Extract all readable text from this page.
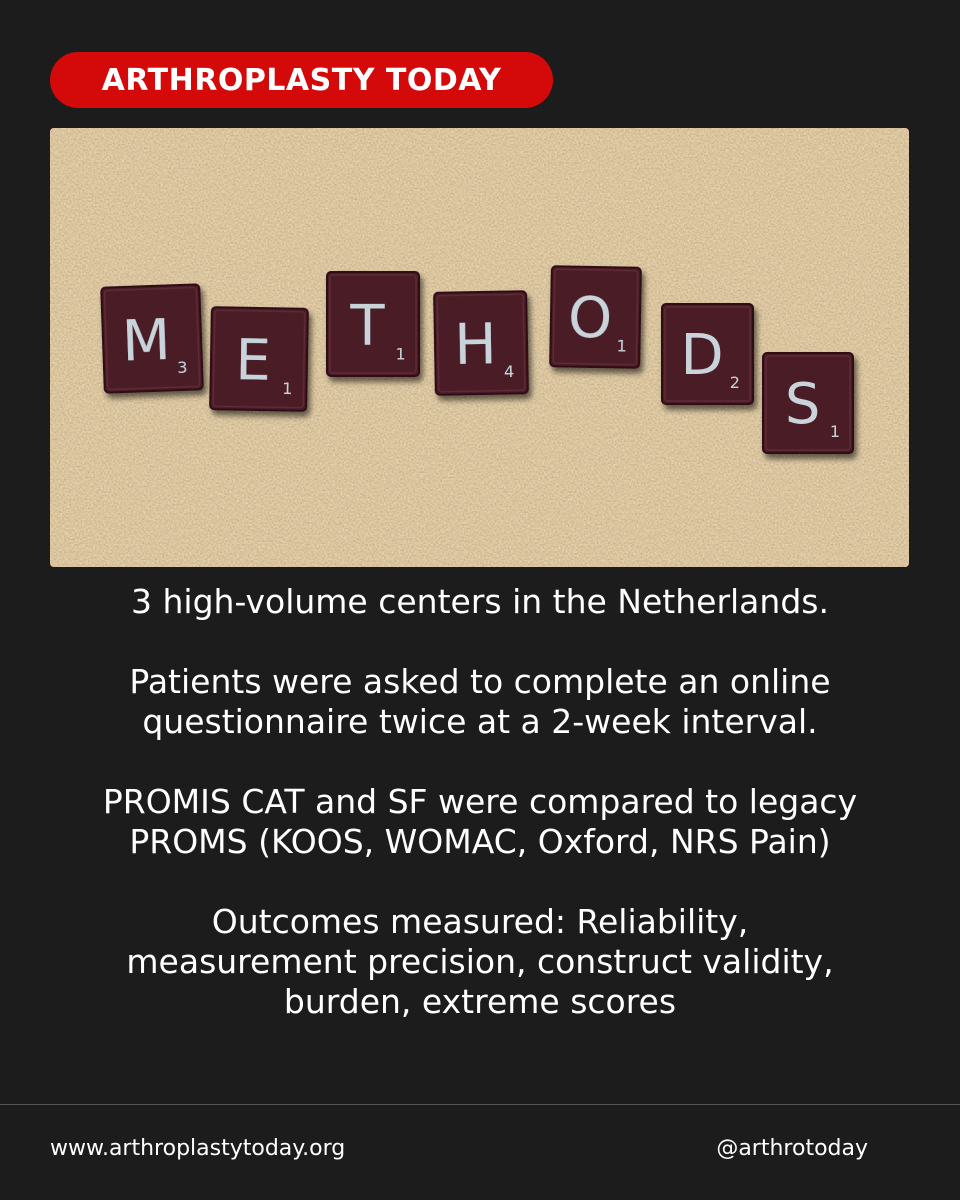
ARTHROPLASTY TODAY
M 3 E 1
T 1 H 4
O 1 D 2 S 1

3 high-volume centers in the Netherlands.

Patients were asked to complete an online
questionnaire twice at a 2-week interval.

PROMIS CAT and SF were compared to legacy
PROMS (KOOS, WOMAC, Oxford, NRS Pain)

Outcomes measured: Reliability,
measurement precision, construct validity,
burden, extreme scores

www.arthroplastytoday.org	@arthrotoday
